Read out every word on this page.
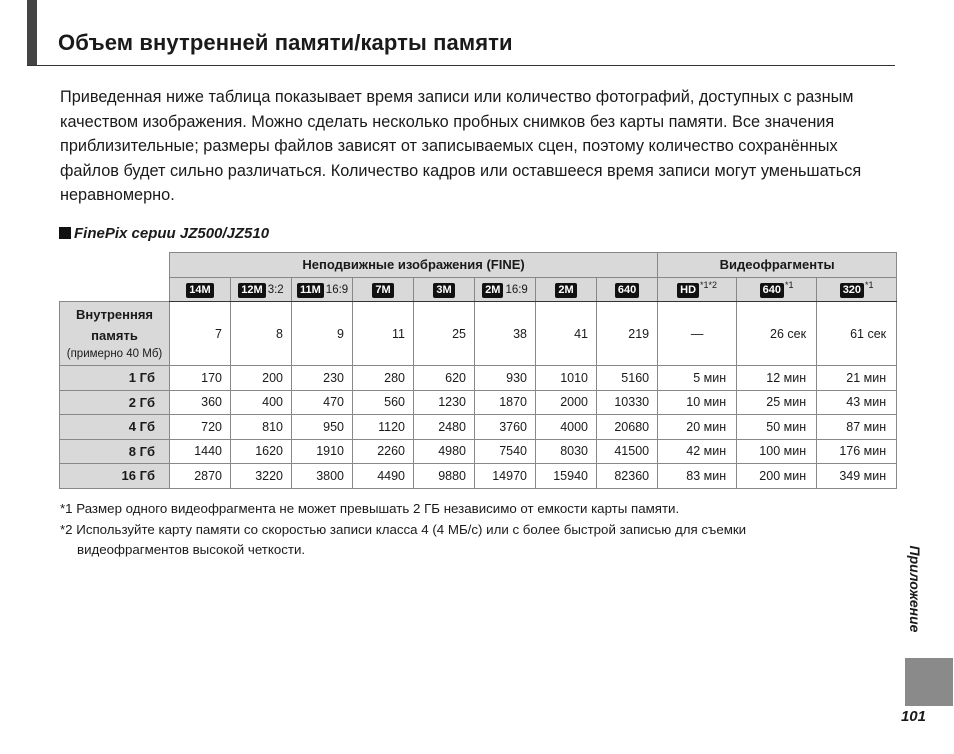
Объем внутренней памяти/карты памяти

Приведенная ниже таблица показывает время записи или количество фотографий, доступных с разным качеством изображения. Можно сделать несколько пробных снимков без карты памяти. Все значения приблизительные; размеры файлов зависят от записываемых сцен, поэтому количество сохранённых файлов будет сильно различаться. Количество кадров или оставшееся время записи могут уменьшаться неравномерно.

FinePix серии JZ500/JZ510
	Неподвижные изображения (FINE)								Видеофрагменты		
	14M	12M 3:2	11M 16:9	7M	3M	2M 16:9	2M	640	HD $^{*1*2}$	640 $^{*1}$	320 $^{*1}$
Внутренняя
память
(примерно 40 Мб)	7	8	9	11	25	38	41	219	—	26 сек	61 сек
1 Гб	170	200	230	280	620	930	1010	5160	5 мин	12 мин	21 мин
2 Гб	360	400	470	560	1230	1870	2000	10330	10 мин	25 мин	43 мин
4 Гб	720	810	950	1120	2480	3760	4000	20680	20 мин	50 мин	87 мин
8 Гб	1440	1620	1910	2260	4980	7540	8030	41500	42 мин	100 мин	176 мин
16 Гб	2870	3220	3800	4490	9880	14970	15940	82360	83 мин	200 мин	349 мин

*1 Размер одного видеофрагмента не может превышать 2 ГБ независимо от емкости карты памяти.

*2 Используйте карту памяти со скоростью записи класса 4 (4 МБ/с) или с более быстрой записью для съемки видеофрагментов высокой четкости.	Приложение
101
